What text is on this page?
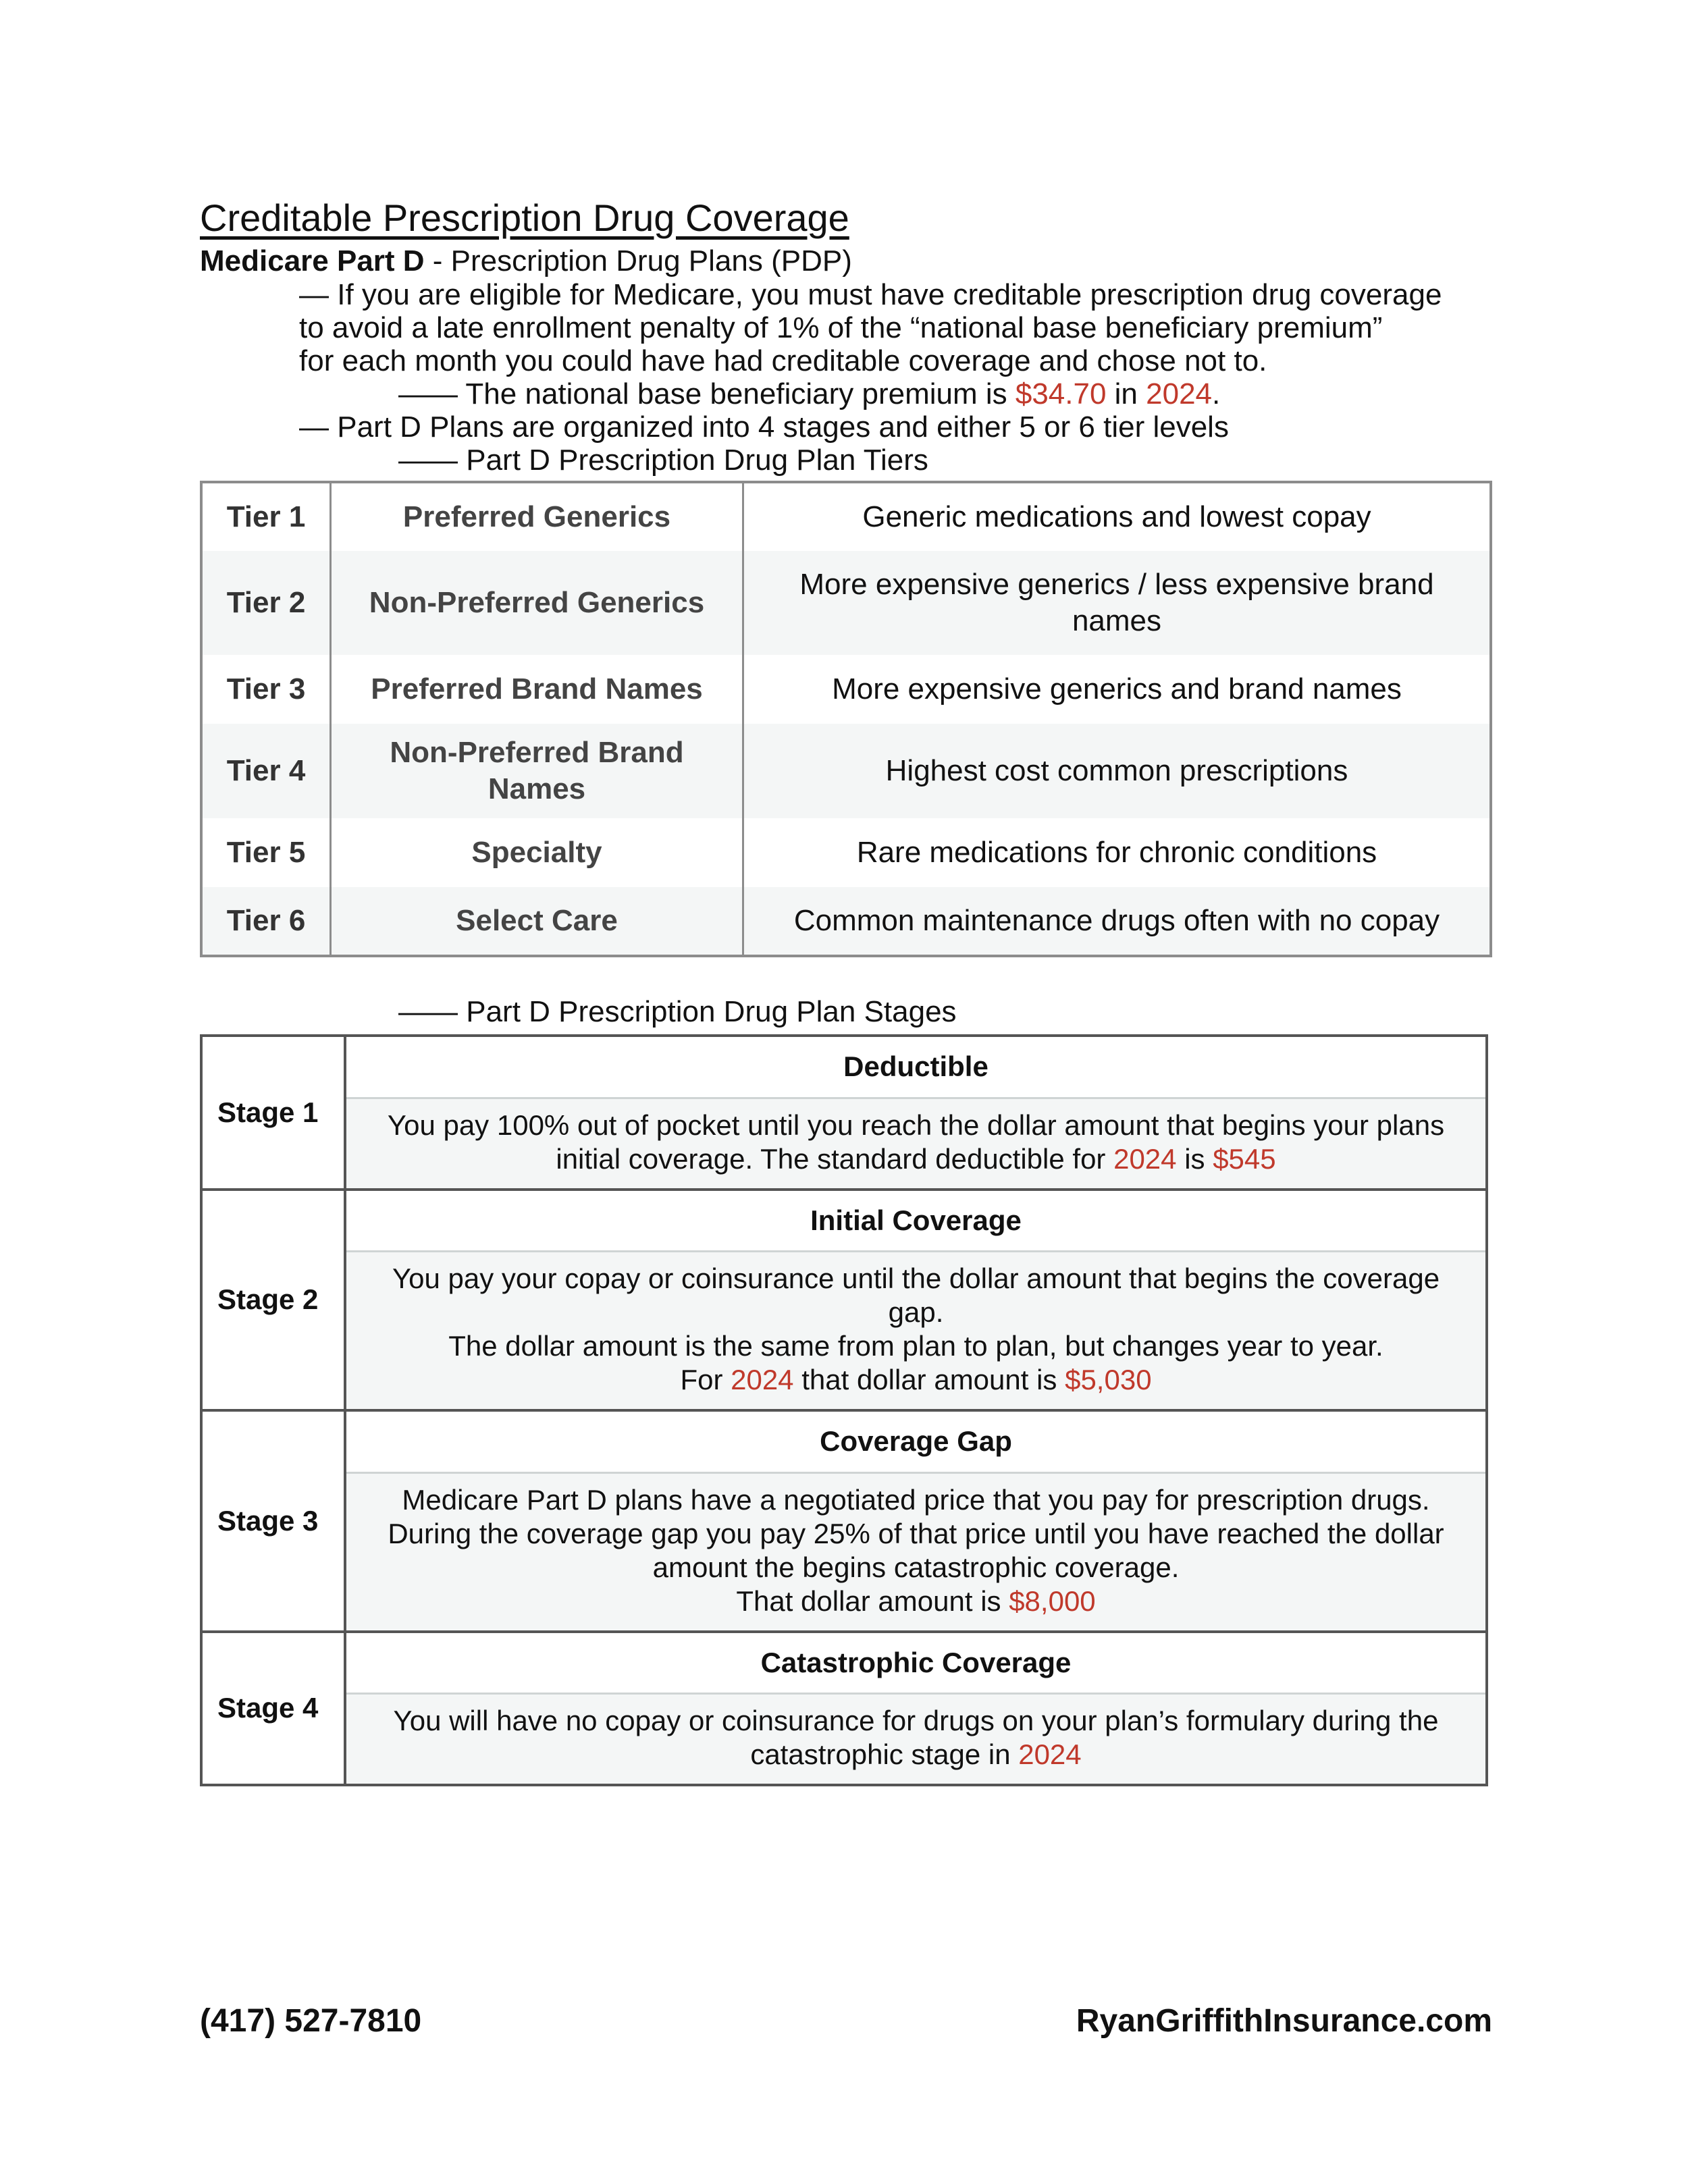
Creditable Prescription Drug Coverage
Medicare Part D - Prescription Drug Plans (PDP)
— If you are eligible for Medicare, you must have creditable prescription drug coverage
to avoid a late enrollment penalty of 1% of the “national base beneficiary premium”
for each month you could have had creditable coverage and chose not to.
—— The national base beneficiary premium is $34.70 in 2024.
— Part D Plans are organized into 4 stages and either 5 or 6 tier levels
—— Part D Prescription Drug Plan Tiers
Tier 1	Preferred Generics	Generic medications and lowest copay
Tier 2	Non-Preferred Generics	More expensive generics / less expensive brand names
Tier 3	Preferred Brand Names	More expensive generics and brand names
Tier 4	Non-Preferred Brand Names	Highest cost common prescriptions
Tier 5	Specialty	Rare medications for chronic conditions
Tier 6	Select Care	Common maintenance drugs often with no copay
—— Part D Prescription Drug Plan Stages
Stage 1	Deductible
	You pay 100% out of pocket until you reach the dollar amount that begins your plans initial coverage. The standard deductible for 2024 is $545
Stage 2	Initial Coverage

	You pay your copay or coinsurance until the dollar amount that begins the coverage gap.
The dollar amount is the same from plan to plan, but changes year to year.
For 2024 that dollar amount is $5,030

Stage 3	Coverage Gap

	Medicare Part D plans have a negotiated price that you pay for prescription drugs. During the coverage gap you pay 25% of that price until you have reached the dollar amount the begins catastrophic coverage.
That dollar amount is $8,000

Stage 4	Catastrophic Coverage
	You will have no copay or coinsurance for drugs on your plan’s formulary during the catastrophic stage in 2024
(417) 527-7810	RyanGriffithInsurance.com
